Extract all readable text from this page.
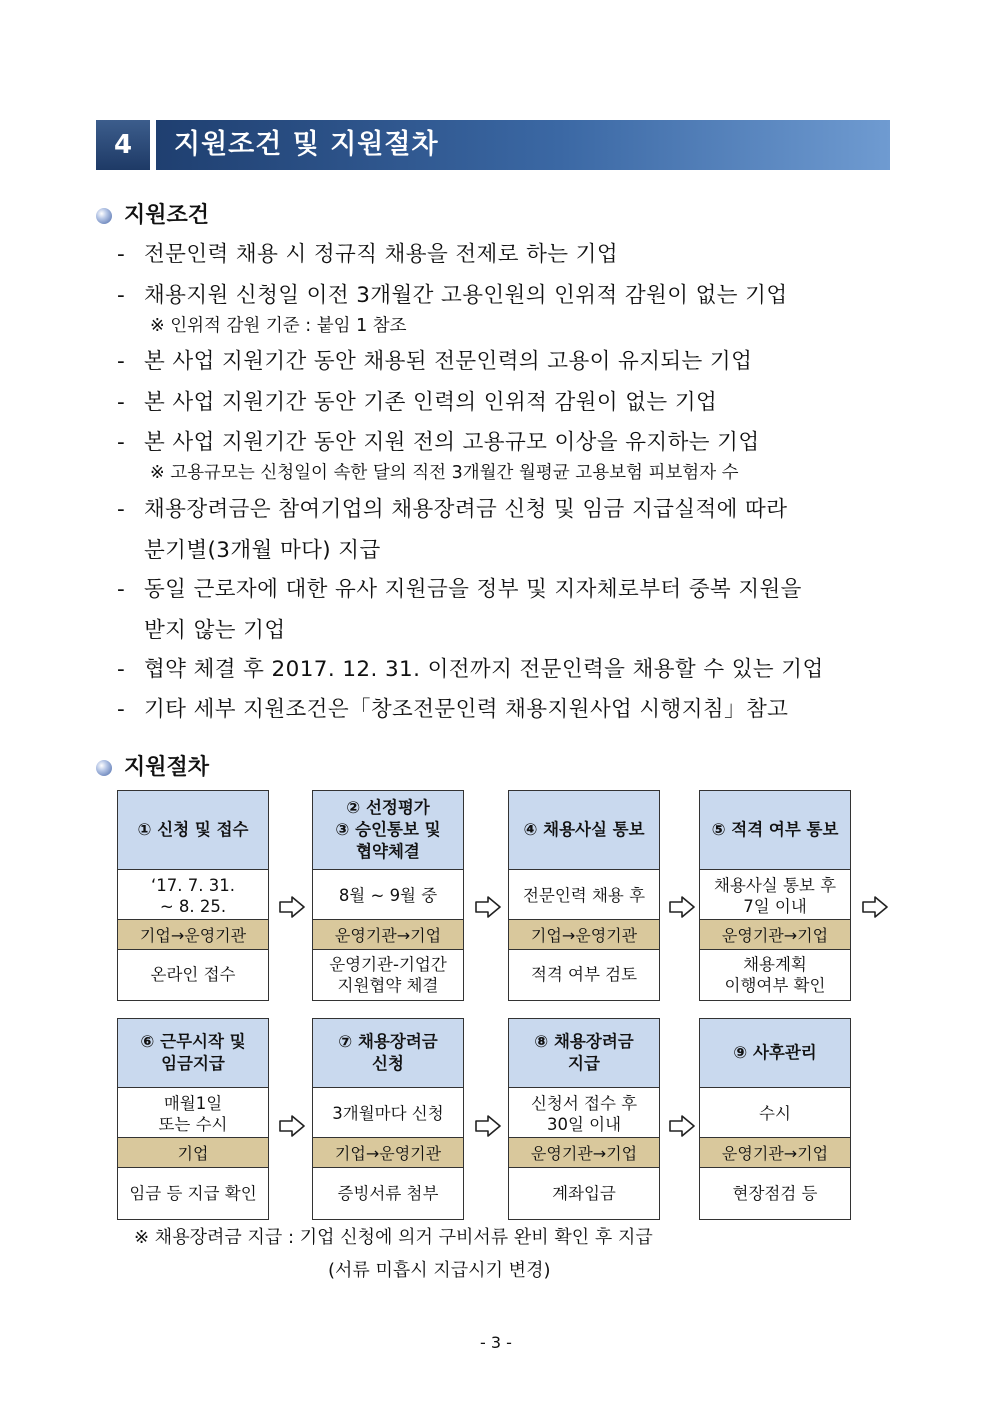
4	지원조건 및 지원절차
지원조건
- 전문인력 채용 시 정규직 채용을 전제로 하는 기업
- 채용지원 신청일 이전 3개월간 고용인원의 인위적 감원이 없는 기업
※ 인위적 감원 기준 : 붙임 1 참조
- 본 사업 지원기간 동안 채용된 전문인력의 고용이 유지되는 기업
- 본 사업 지원기간 동안 기존 인력의 인위적 감원이 없는 기업
- 본 사업 지원기간 동안 지원 전의 고용규모 이상을 유지하는 기업
※ 고용규모는 신청일이 속한 달의 직전 3개월간 월평균 고용보험 피보험자 수
- 채용장려금은 참여기업의 채용장려금 신청 및 임금 지급실적에 따라
분기별(3개월 마다) 지급
- 동일 근로자에 대한 유사 지원금을 정부 및 지자체로부터 중복 지원을
받지 않는 기업
- 협약 체결 후 2017. 12. 31. 이전까지 전문인력을 채용할 수 있는 기업
- 기타 세부 지원조건은「창조전문인력 채용지원사업 시행지침」참고
지원절차
① 신청 및 접수
‘17. 7. 31.
~ 8. 25.
기업→운영기관
온라인 접수
② 선정평가
③ 승인통보 및
협약체결
8월 ~ 9월 중
운영기관→기업
운영기관-기업간
지원협약 체결
④ 채용사실 통보
전문인력 채용 후
기업→운영기관
적격 여부 검토
⑤ 적격 여부 통보
채용사실 통보 후
7일 이내
운영기관→기업
채용계획
이행여부 확인
⑥ 근무시작 및
임금지급
매월1일
또는 수시
기업
임금 등 지급 확인
⑦ 채용장려금
신청
3개월마다 신청
기업→운영기관
증빙서류 첨부
⑧ 채용장려금
지급
신청서 접수 후
30일 이내
운영기관→기업
계좌입금
⑨ 사후관리
수시
운영기관→기업
현장점검 등
※ 채용장려금 지급 : 기업 신청에 의거 구비서류 완비 확인 후 지급
(서류 미흡시 지급시기 변경)
- 3 -
